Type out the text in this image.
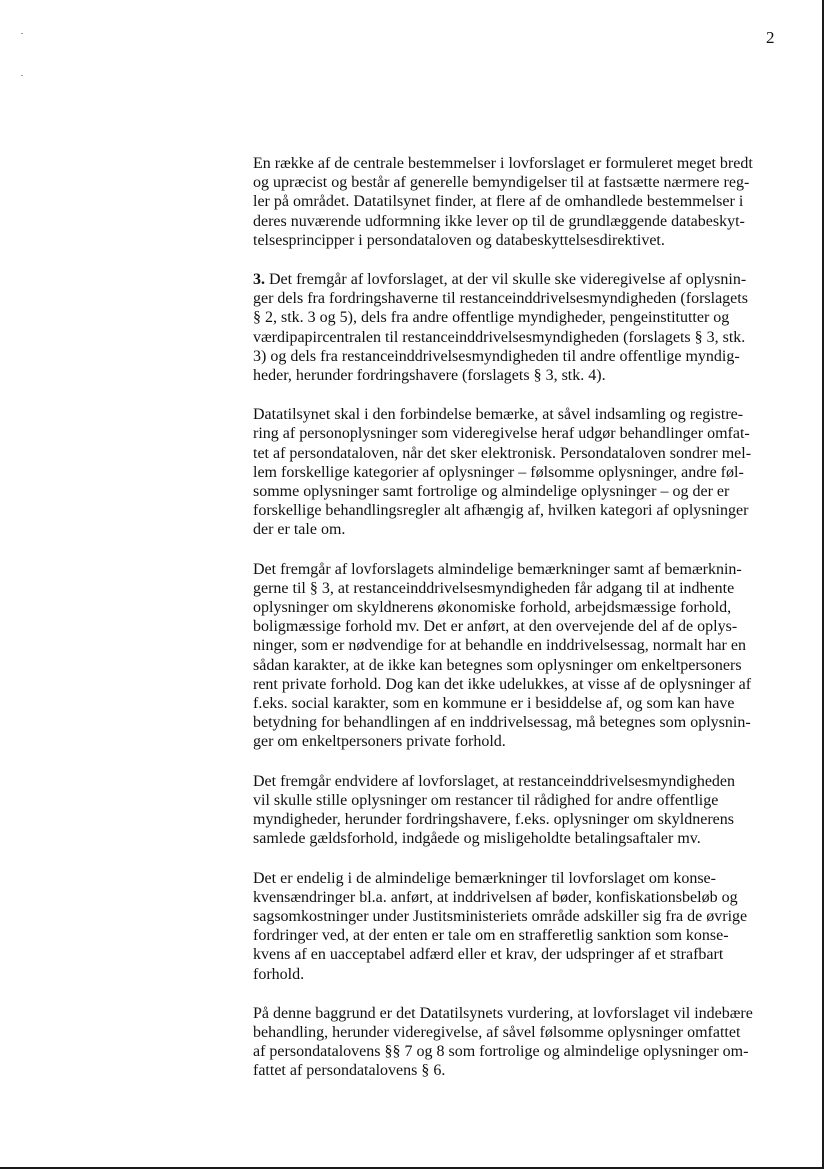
2

En række af de centrale bestemmelser i lovforslaget er formuleret meget bredt
og upræcist og består af generelle bemyndigelser til at fastsætte nærmere reg-
ler på området. Datatilsynet finder, at flere af de omhandlede bestemmelser i
deres nuværende udformning ikke lever op til de grundlæggende databeskyt-
telsesprincipper i persondataloven og databeskyttelsesdirektivet.

3. Det fremgår af lovforslaget, at der vil skulle ske videregivelse af oplysnin-
ger dels fra fordringshaverne til restanceinddrivelsesmyndigheden (forslagets
§ 2, stk. 3 og 5), dels fra andre offentlige myndigheder, pengeinstitutter og
værdipapircentralen til restanceinddrivelsesmyndigheden (forslagets § 3, stk.
3) og dels fra restanceinddrivelsesmyndigheden til andre offentlige myndig-
heder, herunder fordringshavere (forslagets § 3, stk. 4).

Datatilsynet skal i den forbindelse bemærke, at såvel indsamling og registre-
ring af personoplysninger som videregivelse heraf udgør behandlinger omfat-
tet af persondataloven, når det sker elektronisk. Persondataloven sondrer mel-
lem forskellige kategorier af oplysninger – følsomme oplysninger, andre føl-
somme oplysninger samt fortrolige og almindelige oplysninger – og der er
forskellige behandlingsregler alt afhængig af, hvilken kategori af oplysninger
der er tale om.

Det fremgår af lovforslagets almindelige bemærkninger samt af bemærknin-
gerne til § 3, at restanceinddrivelsesmyndigheden får adgang til at indhente
oplysninger om skyldnerens økonomiske forhold, arbejdsmæssige forhold,
boligmæssige forhold mv. Det er anført, at den overvejende del af de oplys-
ninger, som er nødvendige for at behandle en inddrivelsessag, normalt har en
sådan karakter, at de ikke kan betegnes som oplysninger om enkeltpersoners
rent private forhold. Dog kan det ikke udelukkes, at visse af de oplysninger af
f.eks. social karakter, som en kommune er i besiddelse af, og som kan have
betydning for behandlingen af en inddrivelsessag, må betegnes som oplysnin-
ger om enkeltpersoners private forhold.

Det fremgår endvidere af lovforslaget, at restanceinddrivelsesmyndigheden
vil skulle stille oplysninger om restancer til rådighed for andre offentlige
myndigheder, herunder fordringshavere, f.eks. oplysninger om skyldnerens
samlede gældsforhold, indgåede og misligeholdte betalingsaftaler mv.

Det er endelig i de almindelige bemærkninger til lovforslaget om konse-
kvensændringer bl.a. anført, at inddrivelsen af bøder, konfiskationsbeløb og
sagsomkostninger under Justitsministeriets område adskiller sig fra de øvrige
fordringer ved, at der enten er tale om en strafferetlig sanktion som konse-
kvens af en uacceptabel adfærd eller et krav, der udspringer af et strafbart
forhold.

På denne baggrund er det Datatilsynets vurdering, at lovforslaget vil indebære
behandling, herunder videregivelse, af såvel følsomme oplysninger omfattet
af persondatalovens §§ 7 og 8 som fortrolige og almindelige oplysninger om-
fattet af persondatalovens § 6.
